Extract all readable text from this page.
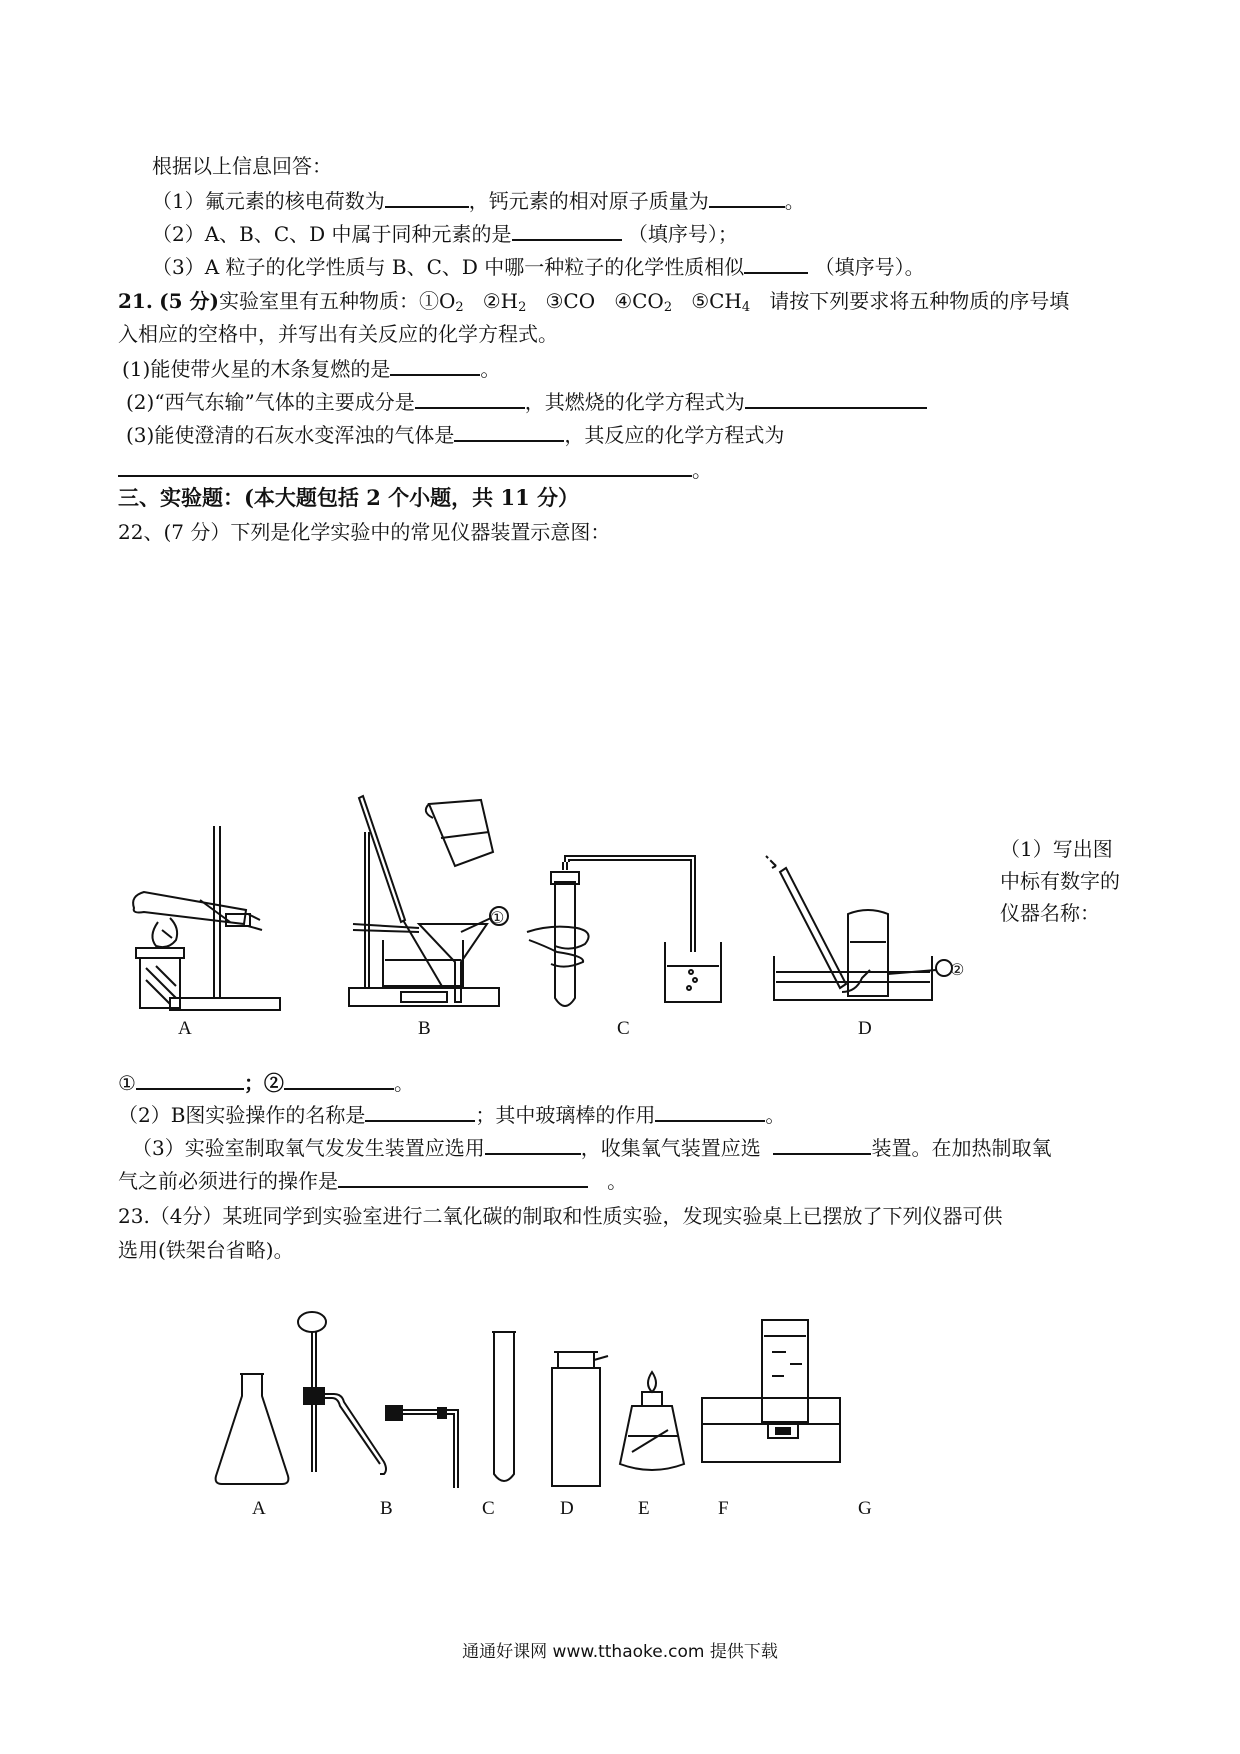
根据以上信息回答：
（1）氟元素的核电荷数为	，钙元素的相对原子质量为	。
（2）A、B、C、D 中属于同种元素的是	（填序号）；
（3）A 粒子的化学性质与 B、C、D 中哪一种粒子的化学性质相似	（填序号）。
21. (5 分)实验室里有五种物质：$①O_2$ $②H_2$ ③CO $④CO_2$ $⑤CH_4$ 请按下列要求将五种物质的序号填
入相应的空格中，并写出有关反应的化学方程式。
(1)能使带火星的木条复燃的是	。
(2)“西气东输”气体的主要成分是	，其燃烧的化学方程式为
(3)能使澄清的石灰水变浑浊的气体是	，其反应的化学方程式为
。
三、实验题：(本大题包括 2 个小题，共 11 分）
22、(7 分）下列是化学实验中的常见仪器装置示意图：
A
①
B	C
②
D
（1）写出图
中标有数字的
仪器名称：
①	；②	。
（2）B图实验操作的名称是	；其中玻璃棒的作用	。
（3）实验室制取氧气发发生装置应选用	，收集氧气装置应选	装置。在加热制取氧
气之前必须进行的操作是	。
23.（4分）某班同学到实验室进行二氧化碳的制取和性质实验，发现实验桌上已摆放了下列仪器可供
选用(铁架台省略)。
A	B	C	D	E	F	G
通通好课网 www.tthaoke.com 提供下载
